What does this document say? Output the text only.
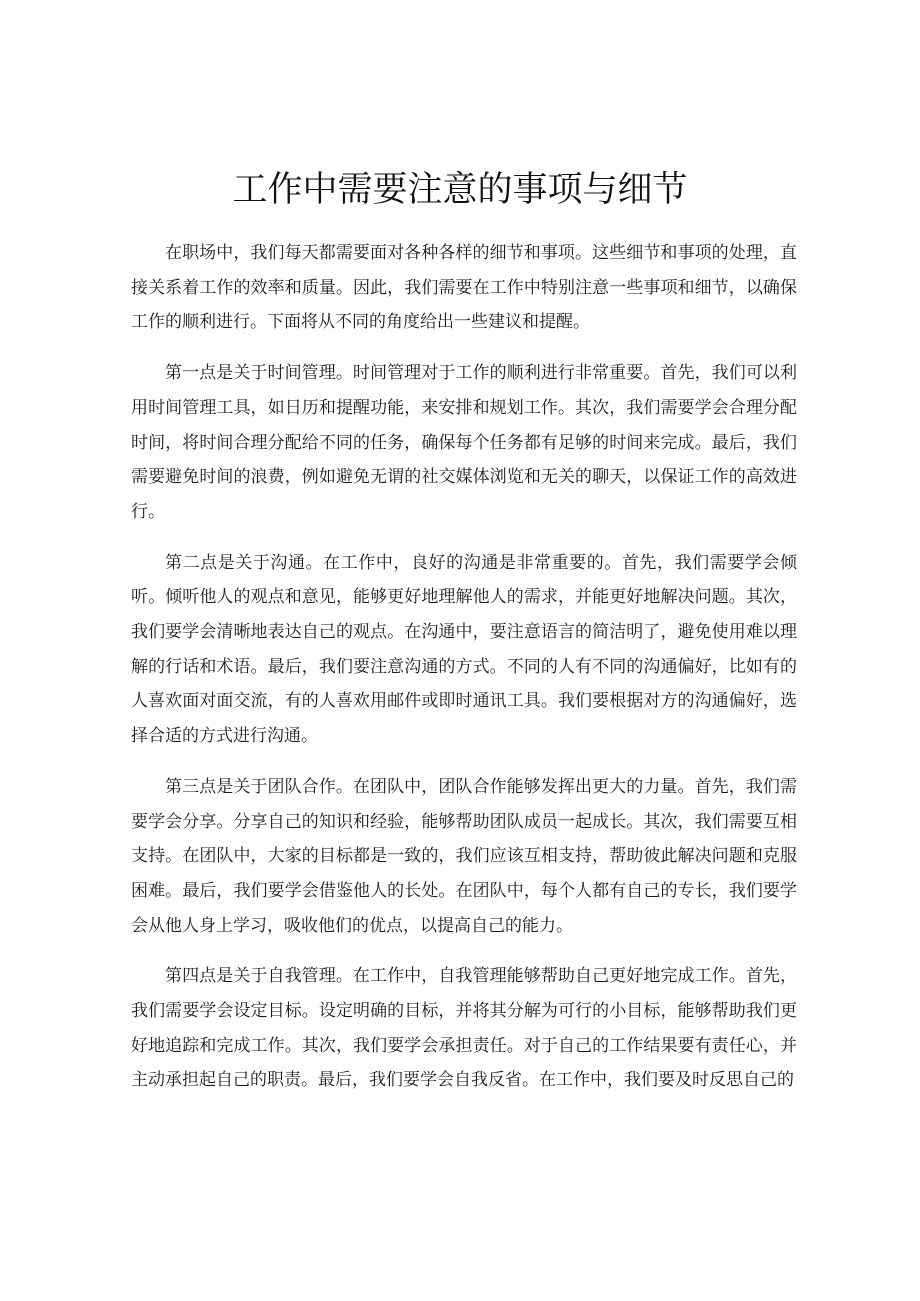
工作中需要注意的事项与细节

在职场中，我们每天都需要面对各种各样的细节和事项。这些细节和事项的处理，直接关系着工作的效率和质量。因此，我们需要在工作中特别注意一些事项和细节，以确保工作的顺利进行。下面将从不同的角度给出一些建议和提醒。

第一点是关于时间管理。时间管理对于工作的顺利进行非常重要。首先，我们可以利用时间管理工具，如日历和提醒功能，来安排和规划工作。其次，我们需要学会合理分配时间，将时间合理分配给不同的任务，确保每个任务都有足够的时间来完成。最后，我们需要避免时间的浪费，例如避免无谓的社交媒体浏览和无关的聊天，以保证工作的高效进行。

第二点是关于沟通。在工作中，良好的沟通是非常重要的。首先，我们需要学会倾听。倾听他人的观点和意见，能够更好地理解他人的需求，并能更好地解决问题。其次，我们要学会清晰地表达自己的观点。在沟通中，要注意语言的简洁明了，避免使用难以理解的行话和术语。最后，我们要注意沟通的方式。不同的人有不同的沟通偏好，比如有的人喜欢面对面交流，有的人喜欢用邮件或即时通讯工具。我们要根据对方的沟通偏好，选择合适的方式进行沟通。

第三点是关于团队合作。在团队中，团队合作能够发挥出更大的力量。首先，我们需要学会分享。分享自己的知识和经验，能够帮助团队成员一起成长。其次，我们需要互相支持。在团队中，大家的目标都是一致的，我们应该互相支持，帮助彼此解决问题和克服困难。最后，我们要学会借鉴他人的长处。在团队中，每个人都有自己的专长，我们要学会从他人身上学习，吸收他们的优点，以提高自己的能力。

第四点是关于自我管理。在工作中，自我管理能够帮助自己更好地完成工作。首先，我们需要学会设定目标。设定明确的目标，并将其分解为可行的小目标，能够帮助我们更好地追踪和完成工作。其次，我们要学会承担责任。对于自己的工作结果要有责任心，并主动承担起自己的职责。最后，我们要学会自我反省。在工作中，我们要及时反思自己的
